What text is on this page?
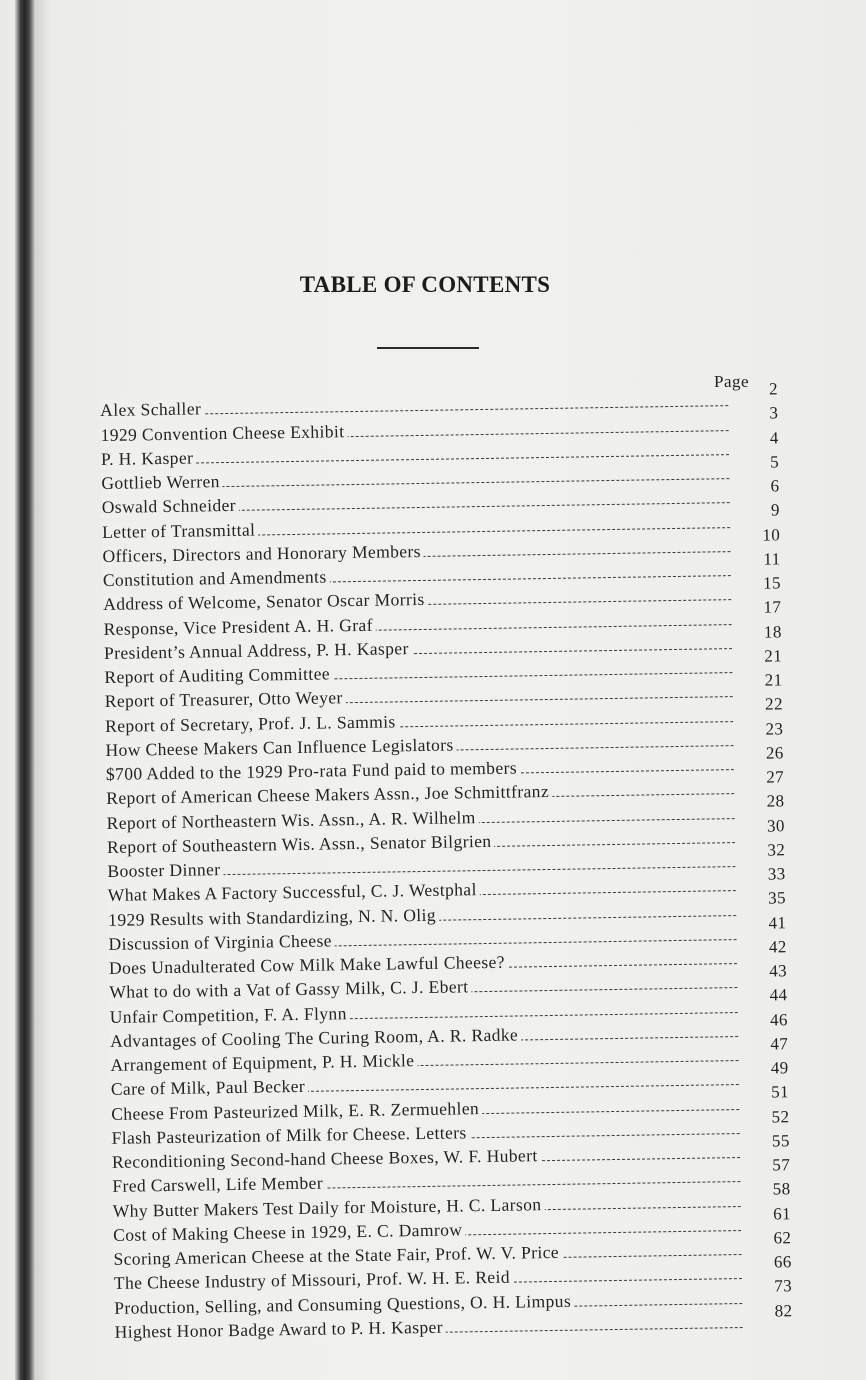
TABLE OF CONTENTS
Page
Alex Schaller
2
1929 Convention Cheese Exhibit
3
P. H. Kasper
4
Gottlieb Werren
5
Oswald Schneider
6
Letter of Transmittal
9
Officers, Directors and Honorary Members
10
Constitution and Amendments
11
Address of Welcome, Senator Oscar Morris
15
Response, Vice President A. H. Graf
17
President’s Annual Address, P. H. Kasper
18
Report of Auditing Committee
21
Report of Treasurer, Otto Weyer
21
Report of Secretary, Prof. J. L. Sammis
22
How Cheese Makers Can Influence Legislators
23
$700 Added to the 1929 Pro-rata Fund paid to members
26
Report of American Cheese Makers Assn., Joe Schmittfranz
27
Report of Northeastern Wis. Assn., A. R. Wilhelm
28
Report of Southeastern Wis. Assn., Senator Bilgrien
30
Booster Dinner
32
What Makes A Factory Successful, C. J. Westphal
33
1929 Results with Standardizing, N. N. Olig
35
Discussion of Virginia Cheese
41
Does Unadulterated Cow Milk Make Lawful Cheese?
42
What to do with a Vat of Gassy Milk, C. J. Ebert
43
Unfair Competition, F. A. Flynn
44
Advantages of Cooling The Curing Room, A. R. Radke
46
Arrangement of Equipment, P. H. Mickle
47
Care of Milk, Paul Becker
49
Cheese From Pasteurized Milk, E. R. Zermuehlen
51
Flash Pasteurization of Milk for Cheese. Letters
52
Reconditioning Second-hand Cheese Boxes, W. F. Hubert
55
Fred Carswell, Life Member
57
Why Butter Makers Test Daily for Moisture, H. C. Larson
58
Cost of Making Cheese in 1929, E. C. Damrow
61
Scoring American Cheese at the State Fair, Prof. W. V. Price
62
The Cheese Industry of Missouri, Prof. W. H. E. Reid
66
Production, Selling, and Consuming Questions, O. H. Limpus
73
Highest Honor Badge Award to P. H. Kasper
82
